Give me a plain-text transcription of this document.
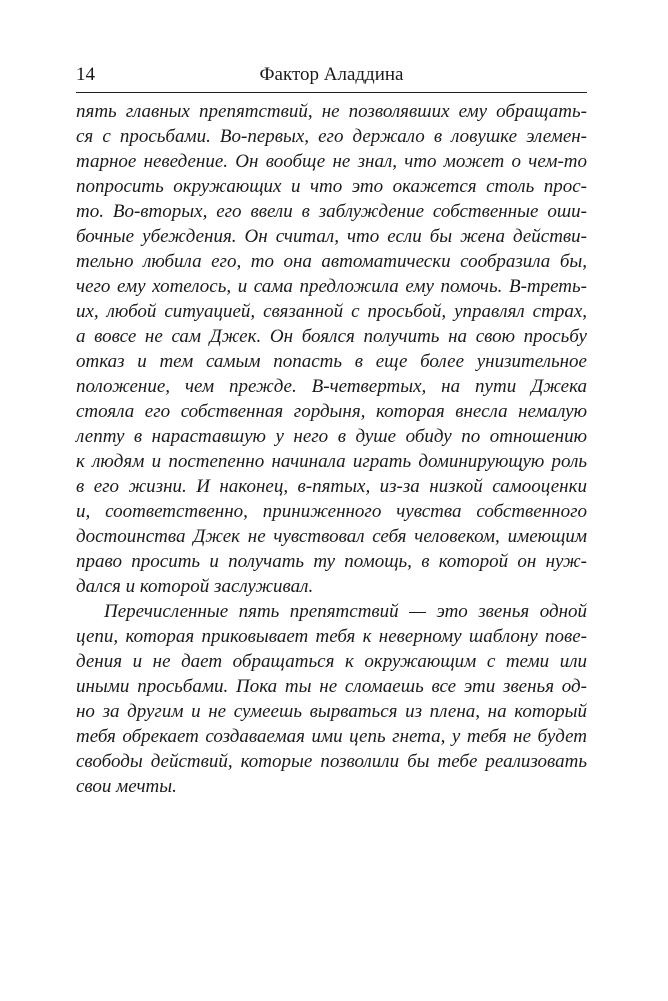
14	Фактор Аладдина
пять главных препятствий, не позволявших ему обращать-
ся с просьбами. Во-первых, его держало в ловушке элемен-
тарное неведение. Он вообще не знал, что может о чем-то
попросить окружающих и что это окажется столь прос-
то. Во-вторых, его ввели в заблуждение собственные оши-
бочные убеждения. Он считал, что если бы жена действи-
тельно любила его, то она автоматически сообразила бы,
чего ему хотелось, и сама предложила ему помочь. В-треть-
их, любой ситуацией, связанной с просьбой, управлял страх,
а вовсе не сам Джек. Он боялся получить на свою просьбу
отказ и тем самым попасть в еще более унизительное
положение, чем прежде. В-четвертых, на пути Джека
стояла его собственная гордыня, которая внесла немалую
лепту в нараставшую у него в душе обиду по отношению
к людям и постепенно начинала играть доминирующую роль
в его жизни. И наконец, в-пятых, из-за низкой самооценки
и, соответственно, приниженного чувства собственного
достоинства Джек не чувствовал себя человеком, имеющим
право просить и получать ту помощь, в которой он нуж-
дался и которой заслуживал.
Перечисленные пять препятствий — это звенья одной
цепи, которая приковывает тебя к неверному шаблону пове-
дения и не дает обращаться к окружающим с теми или
иными просьбами. Пока ты не сломаешь все эти звенья од-
но за другим и не сумеешь вырваться из плена, на который
тебя обрекает создаваемая ими цепь гнета, у тебя не будет
свободы действий, которые позволили бы тебе реализовать
свои мечты.
